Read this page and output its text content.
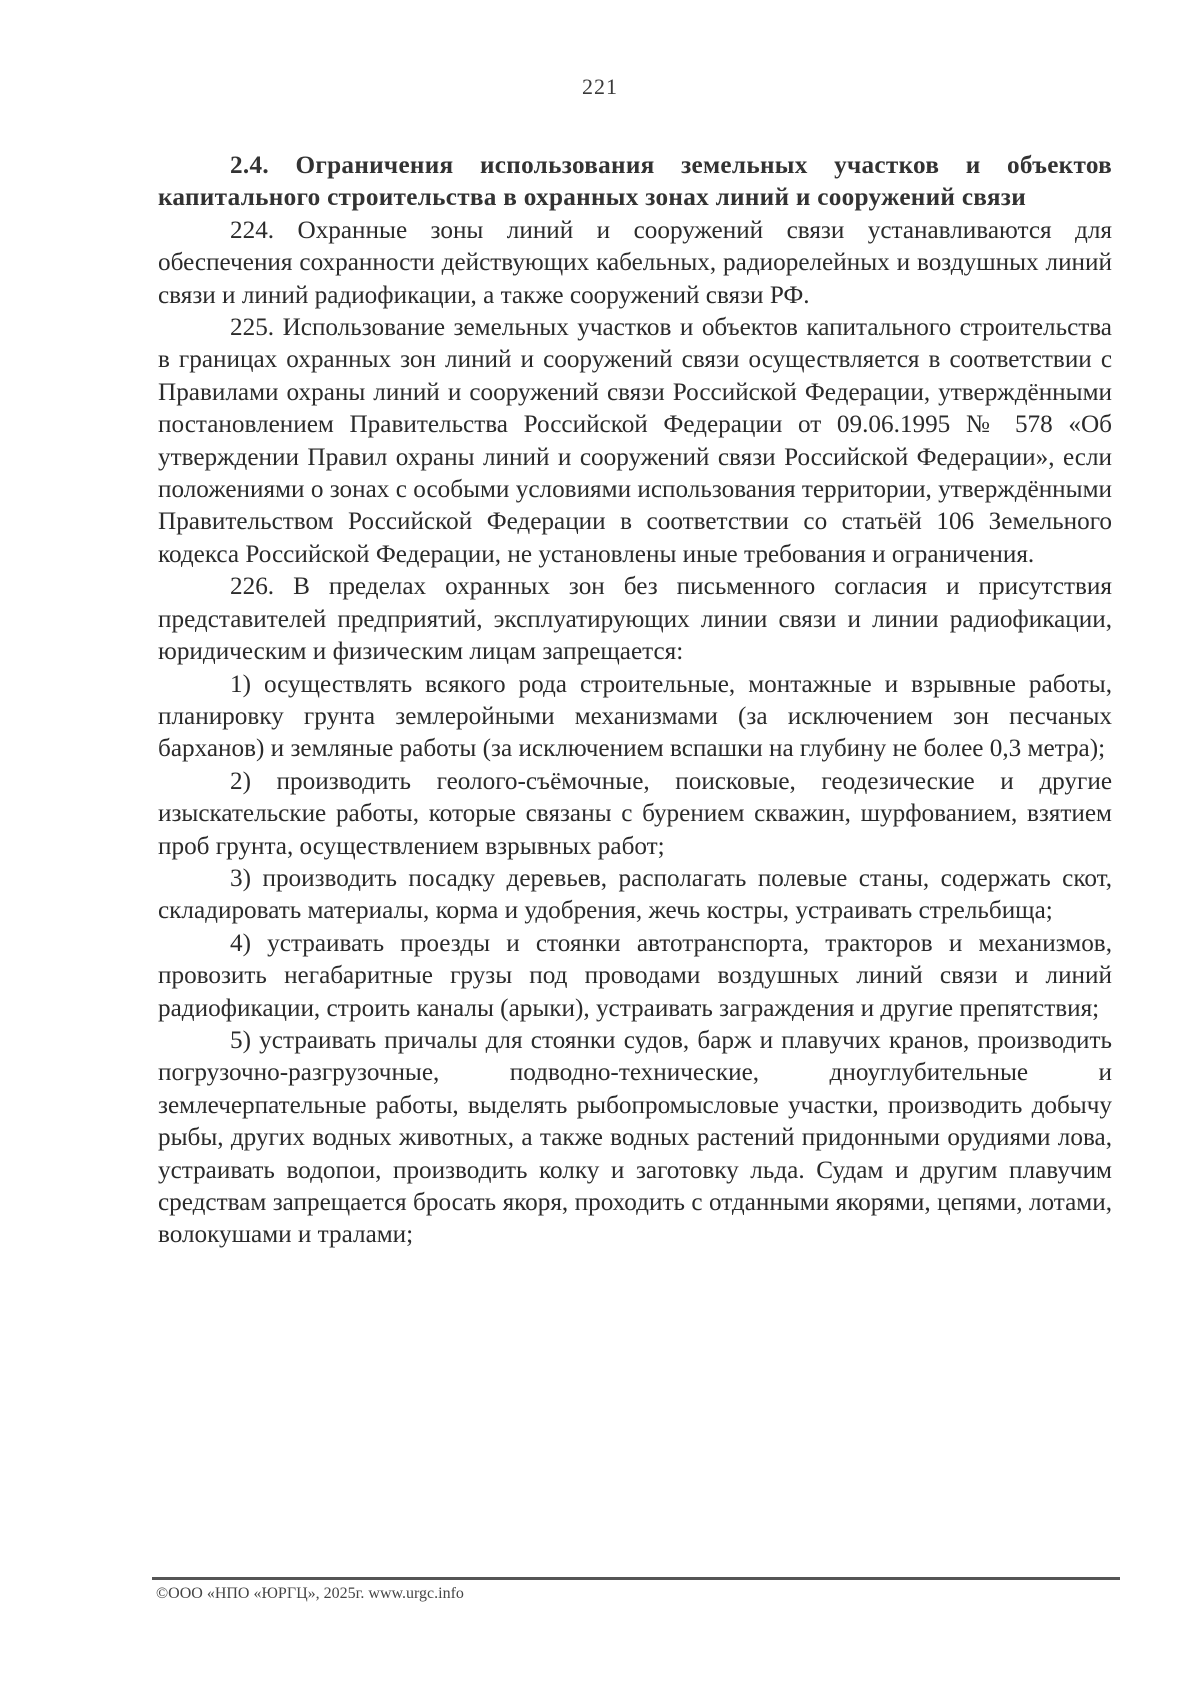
221

2.4. Ограничения использования земельных участков и объектов капитального строительства в охранных зонах линий и сооружений связи

224. Охранные зоны линий и сооружений связи устанавливаются для обеспечения сохранности действующих кабельных, радиорелейных и воздушных линий связи и линий радиофикации, а также сооружений связи РФ.

225. Использование земельных участков и объектов капитального строительства в границах охранных зон линий и сооружений связи осуществляется в соответствии с Правилами охраны линий и сооружений связи Российской Федерации, утверждёнными постановлением Правительства Российской Федерации от 09.06.1995 № 578 «Об утверждении Правил охраны линий и сооружений связи Российской Федерации», если положениями о зонах с особыми условиями использования территории, утверждёнными Правительством Российской Федерации в соответствии со статьёй 106 Земельного кодекса Российской Федерации, не установлены иные требования и ограничения.

226. В пределах охранных зон без письменного согласия и присутствия представителей предприятий, эксплуатирующих линии связи и линии радиофикации, юридическим и физическим лицам запрещается:

1) осуществлять всякого рода строительные, монтажные и взрывные работы, планировку грунта землеройными механизмами (за исключением зон песчаных барханов) и земляные работы (за исключением вспашки на глубину не более 0,3 метра);

2) производить геолого-съёмочные, поисковые, геодезические и другие изыскательские работы, которые связаны с бурением скважин, шурфованием, взятием проб грунта, осуществлением взрывных работ;

3) производить посадку деревьев, располагать полевые станы, содержать скот, складировать материалы, корма и удобрения, жечь костры, устраивать стрельбища;

4) устраивать проезды и стоянки автотранспорта, тракторов и механизмов, провозить негабаритные грузы под проводами воздушных линий связи и линий радиофикации, строить каналы (арыки), устраивать заграждения и другие препятствия;

5) устраивать причалы для стоянки судов, барж и плавучих кранов, производить погрузочно-разгрузочные, подводно-технические, дноуглубительные и землечерпательные работы, выделять рыбопромысловые участки, производить добычу рыбы, других водных животных, а также водных растений придонными орудиями лова, устраивать водопои, производить колку и заготовку льда. Судам и другим плавучим средствам запрещается бросать якоря, проходить с отданными якорями, цепями, лотами, волокушами и тралами;

©ООО «НПО «ЮРГЦ», 2025г. www.urgc.info
